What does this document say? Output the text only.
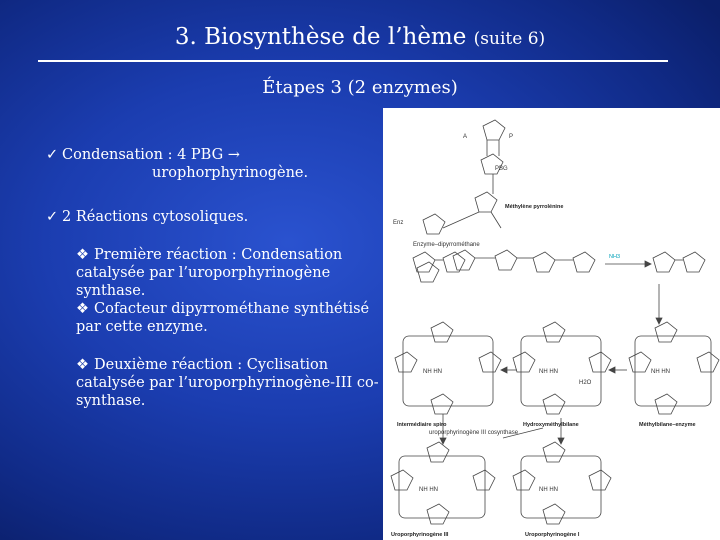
3. Biosynthèse de l’hème (suite 6)
Étapes 3 (2 enzymes)
✓ Condensation : 4 PBG →
urophorphyrinogène.
✓ 2 Réactions cytosoliques.
❖ Première réaction : Condensation catalysée par l’uroporphyrinogène synthase.
❖ Cofacteur dipyrrométhane synthétisé par cette enzyme.
❖ Deuxième réaction : Cyclisation catalysée par l’uroporphyrinogène-III co-synthase.
PBG
Méthylène pyrrolénine
Enzyme–dipyrrométhane
NH3
Hydroxyméthylbilane	Méthylbilane–enzyme
Intermédiaire spiro
uroporphyrinogène III cosynthase
H2O
NH HN	NH HN	NH HN
NH HN	NH HN
Uroporphyrinogène III	Uroporphyrinogène I
A	P
Enz
